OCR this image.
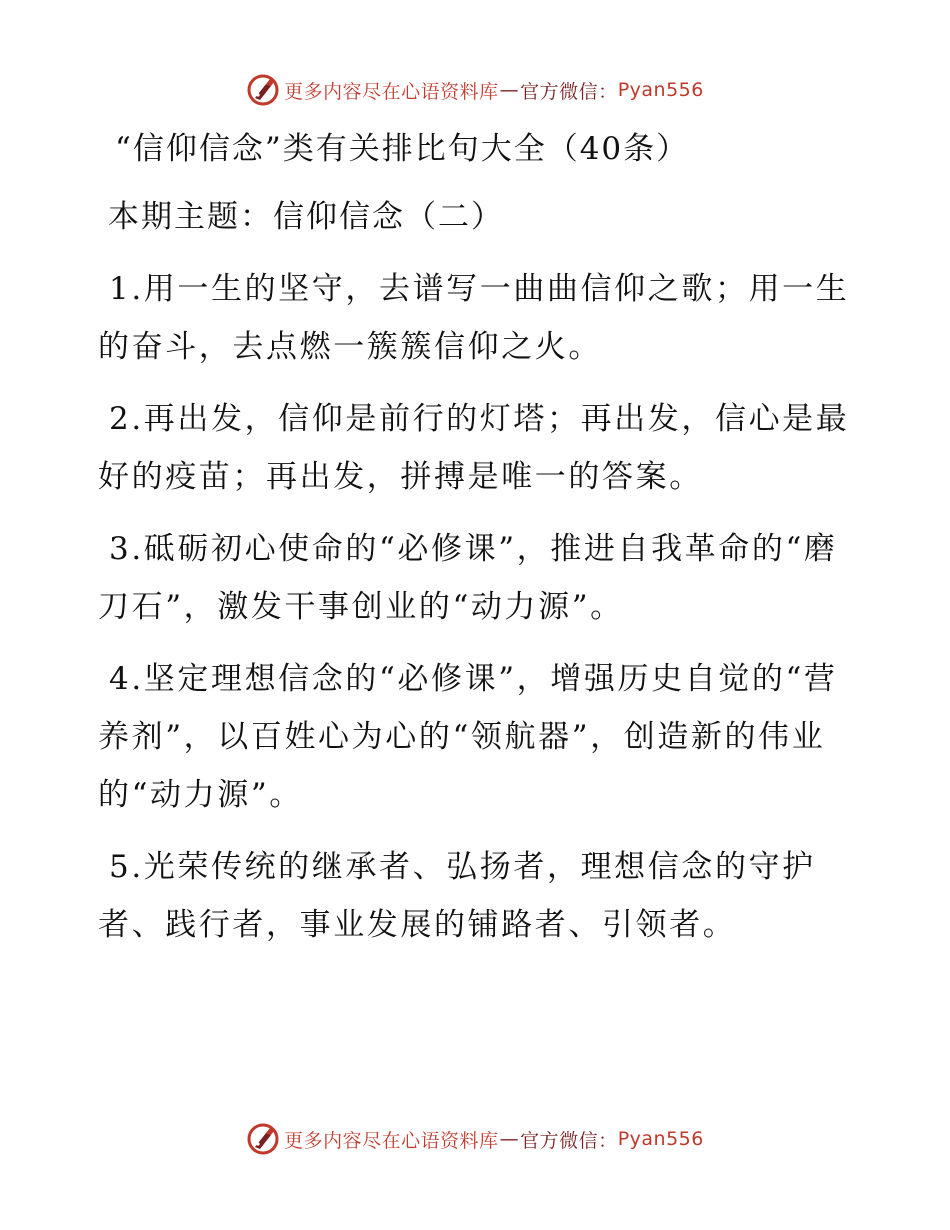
更多内容尽在心语资料库 — 官方微信： Pyan556
“信仰信念”类有关排比句大全（40条）
本期主题：信仰信念（二）

1.用一生的坚守，去谱写一曲曲信仰之歌；用一生的奋斗，去点燃一簇簇信仰之火。

2.再出发，信仰是前行的灯塔；再出发，信心是最好的疫苗；再出发，拼搏是唯一的答案。

3.砥砺初心使命的“必修课”，推进自我革命的“磨刀石”，激发干事创业的“动力源”。

4.坚定理想信念的“必修课”，增强历史自觉的“营养剂”，以百姓心为心的“领航器”，创造新的伟业的“动力源”。

5.光荣传统的继承者、弘扬者，理想信念的守护者、践行者，事业发展的铺路者、引领者。

更多内容尽在心语资料库 — 官方微信： Pyan556
